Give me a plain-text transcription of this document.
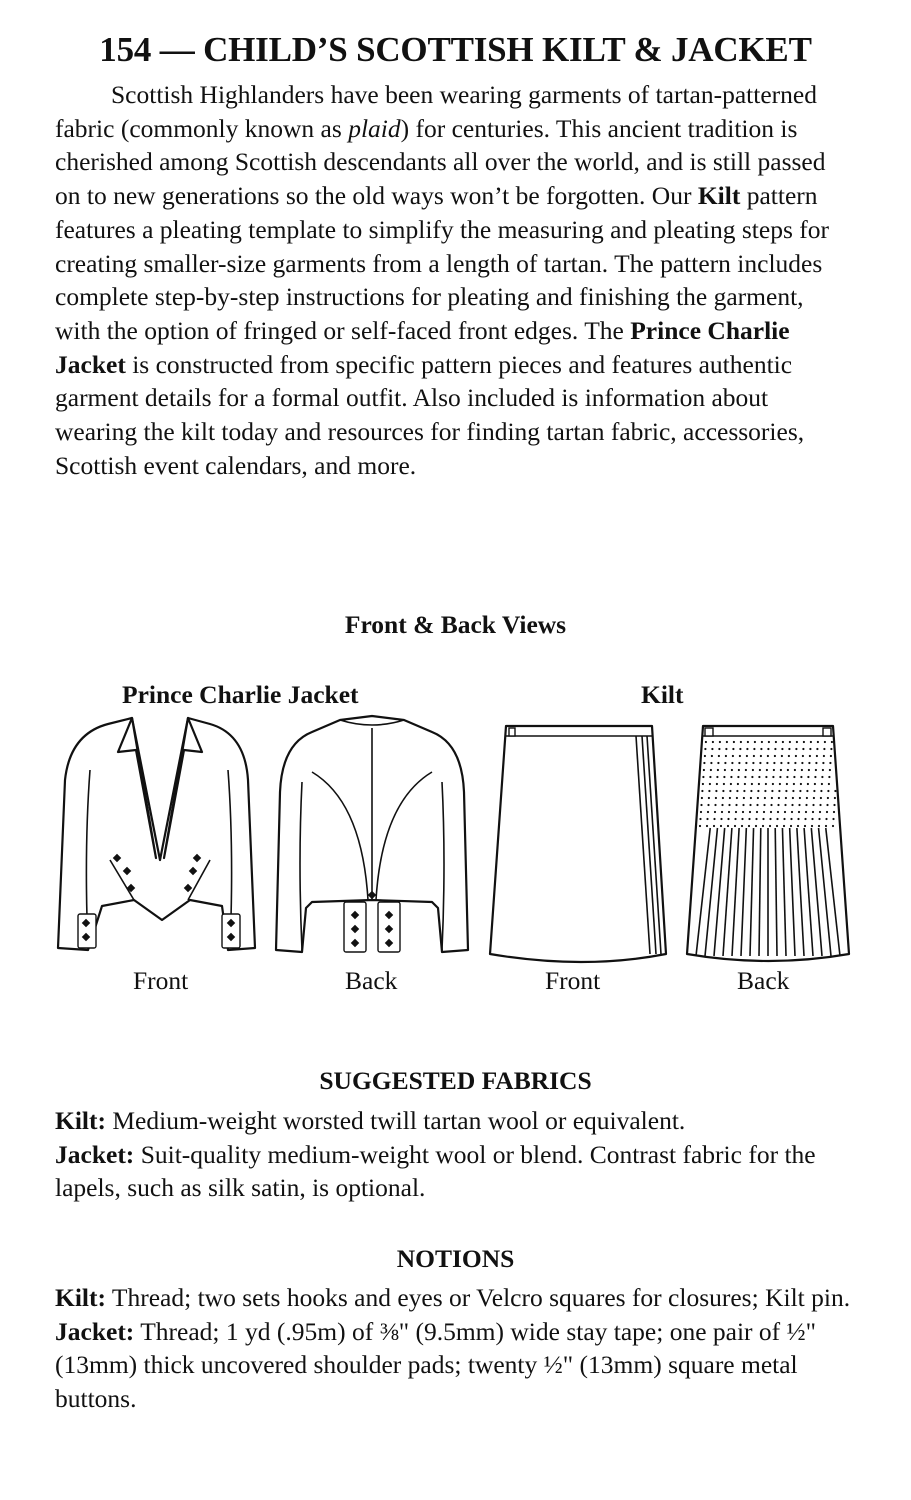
154 — CHILD’S SCOTTISH KILT & JACKET
Scottish Highlanders have been wearing garments of tartan-patterned fabric (commonly known as plaid) for centuries. This ancient tradition is cherished among Scottish descendants all over the world, and is still passed on to new generations so the old ways won’t be forgotten. Our Kilt pattern features a pleating template to simplify the measuring and pleating steps for creating smaller-size garments from a length of tartan. The pattern includes complete step-by-step instructions for pleating and finishing the garment, with the option of fringed or self-faced front edges. The Prince Charlie Jacket is constructed from specific pattern pieces and features authentic garment details for a formal outfit. Also included is information about wearing the kilt today and resources for finding tartan fabric, accessories, Scottish event calendars, and more.
Front & Back Views
Prince Charlie Jacket	Kilt
Front	Back	Front	Back
SUGGESTED FABRICS
Kilt: Medium-weight worsted twill tartan wool or equivalent.
Jacket: Suit-quality medium-weight wool or blend. Contrast fabric for the lapels, such as silk satin, is optional.
NOTIONS
Kilt: Thread; two sets hooks and eyes or Velcro squares for closures; Kilt pin.
Jacket: Thread; 1 yd (.95m) of ⅜" (9.5mm) wide stay tape; one pair of ½" (13mm) thick uncovered shoulder pads; twenty ½" (13mm) square metal buttons.
